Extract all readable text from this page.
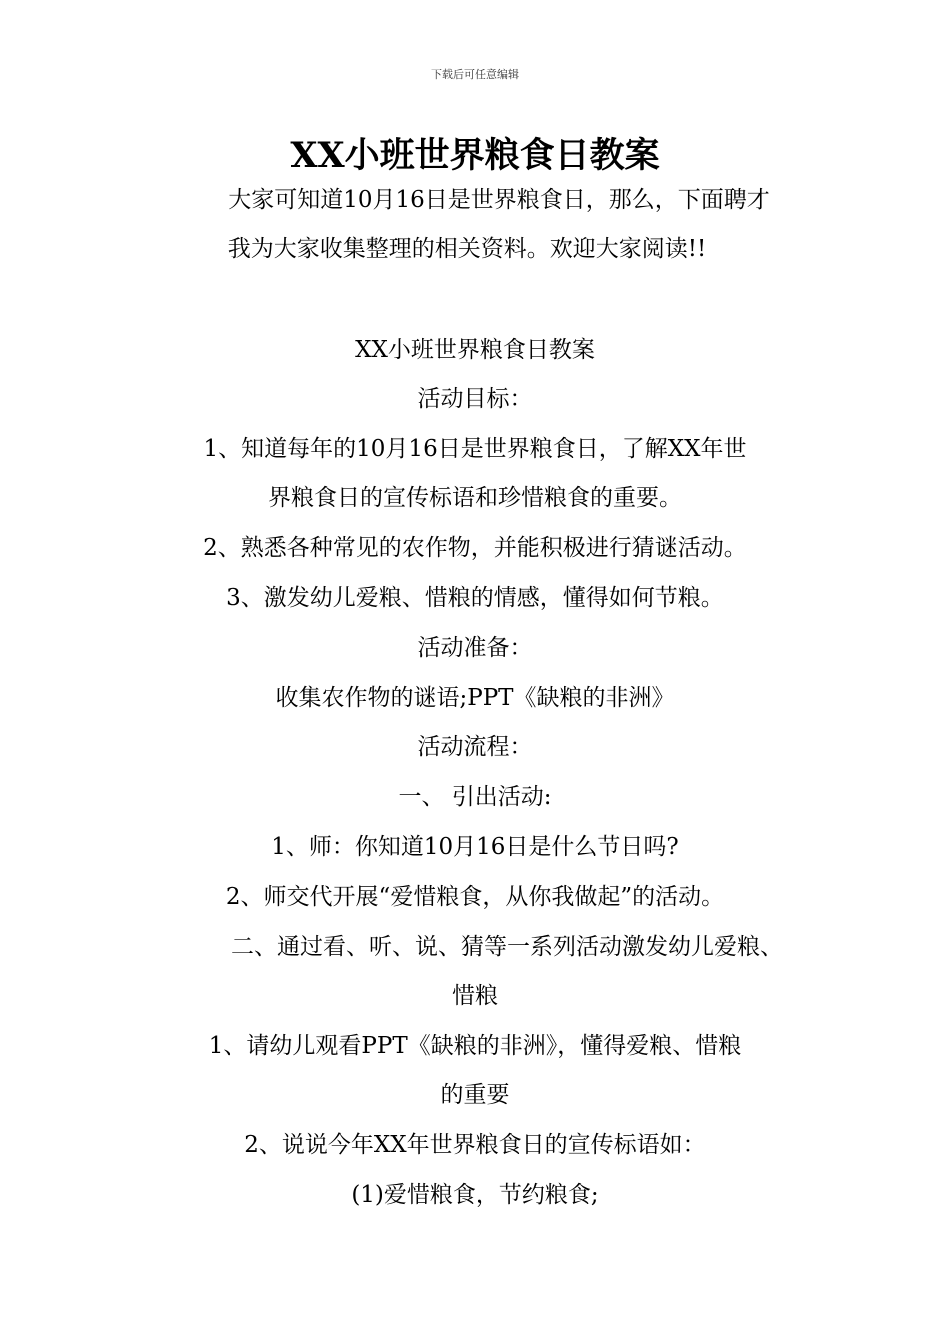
下载后可任意编辑
XX小班世界粮食日教案
大家可知道10月16日是世界粮食日，那么，下面聘才
我为大家收集整理的相关资料。欢迎大家阅读!!
XX小班世界粮食日教案
活动目标：
1、知道每年的10月16日是世界粮食日，了解XX年世
界粮食日的宣传标语和珍惜粮食的重要。
2、熟悉各种常见的农作物，并能积极进行猜谜活动。
3、激发幼儿爱粮、惜粮的情感，懂得如何节粮。
活动准备：
收集农作物的谜语;PPT《缺粮的非洲》
活动流程：
一、 引出活动:
1、师：你知道10月16日是什么节日吗?
2、师交代开展“爱惜粮食，从你我做起”的活动。
二、通过看、听、说、猜等一系列活动激发幼儿爱粮、
惜粮
1、请幼儿观看PPT《缺粮的非洲》，懂得爱粮、惜粮
的重要
2、说说今年XX年世界粮食日的宣传标语如：
(1)爱惜粮食，节约粮食;
